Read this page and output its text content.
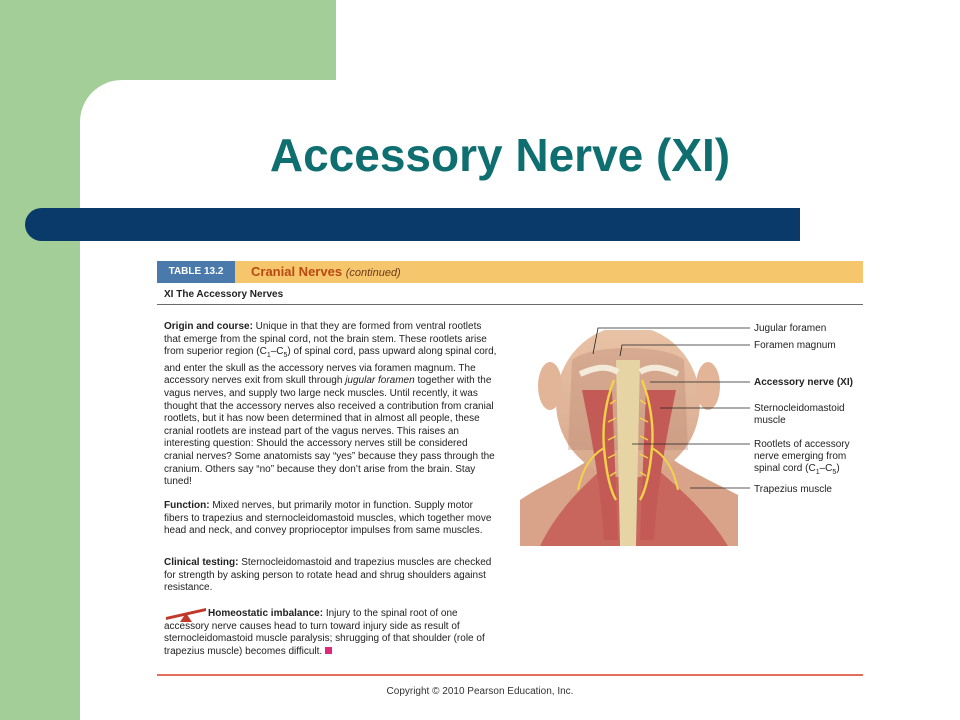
Accessory Nerve (XI)
TABLE 13.2	Cranial Nerves (continued)
XI The Accessory Nerves

Origin and course: Unique in that they are formed from ventral rootlets that emerge from the spinal cord, not the brain stem. These rootlets arise from superior region $(C_1-C_5)$ of spinal cord, pass upward along spinal cord, and enter the skull as the accessory nerves via foramen magnum. The accessory nerves exit from skull through jugular foramen together with the vagus nerves, and supply two large neck muscles. Until recently, it was thought that the accessory nerves also received a contribution from cranial rootlets, but it has now been determined that in almost all people, these cranial rootlets are instead part of the vagus nerves. This raises an interesting question: Should the accessory nerves still be considered cranial nerves? Some anatomists say “yes” because they pass through the cranium. Others say “no” because they don’t arise from the brain. Stay tuned!

Function: Mixed nerves, but primarily motor in function. Supply motor fibers to trapezius and sternocleidomastoid muscles, which together move head and neck, and convey proprioceptor impulses from same muscles.

Clinical testing: Sternocleidomastoid and trapezius muscles are checked for strength by asking person to rotate head and shrug shoulders against resistance.

Homeostatic imbalance: Injury to the spinal root of one accessory nerve causes head to turn toward injury side as result of sternocleidomastoid muscle paralysis; shrugging of that shoulder (role of trapezius muscle) becomes difficult.

Jugular foramen

Foramen magnum

Accessory nerve (XI)

Sternocleidomastoid

muscle

Rootlets of accessory

nerve emerging from

spinal cord $(C_1-C_5)$

Trapezius muscle

Copyright © 2010 Pearson Education, Inc.
